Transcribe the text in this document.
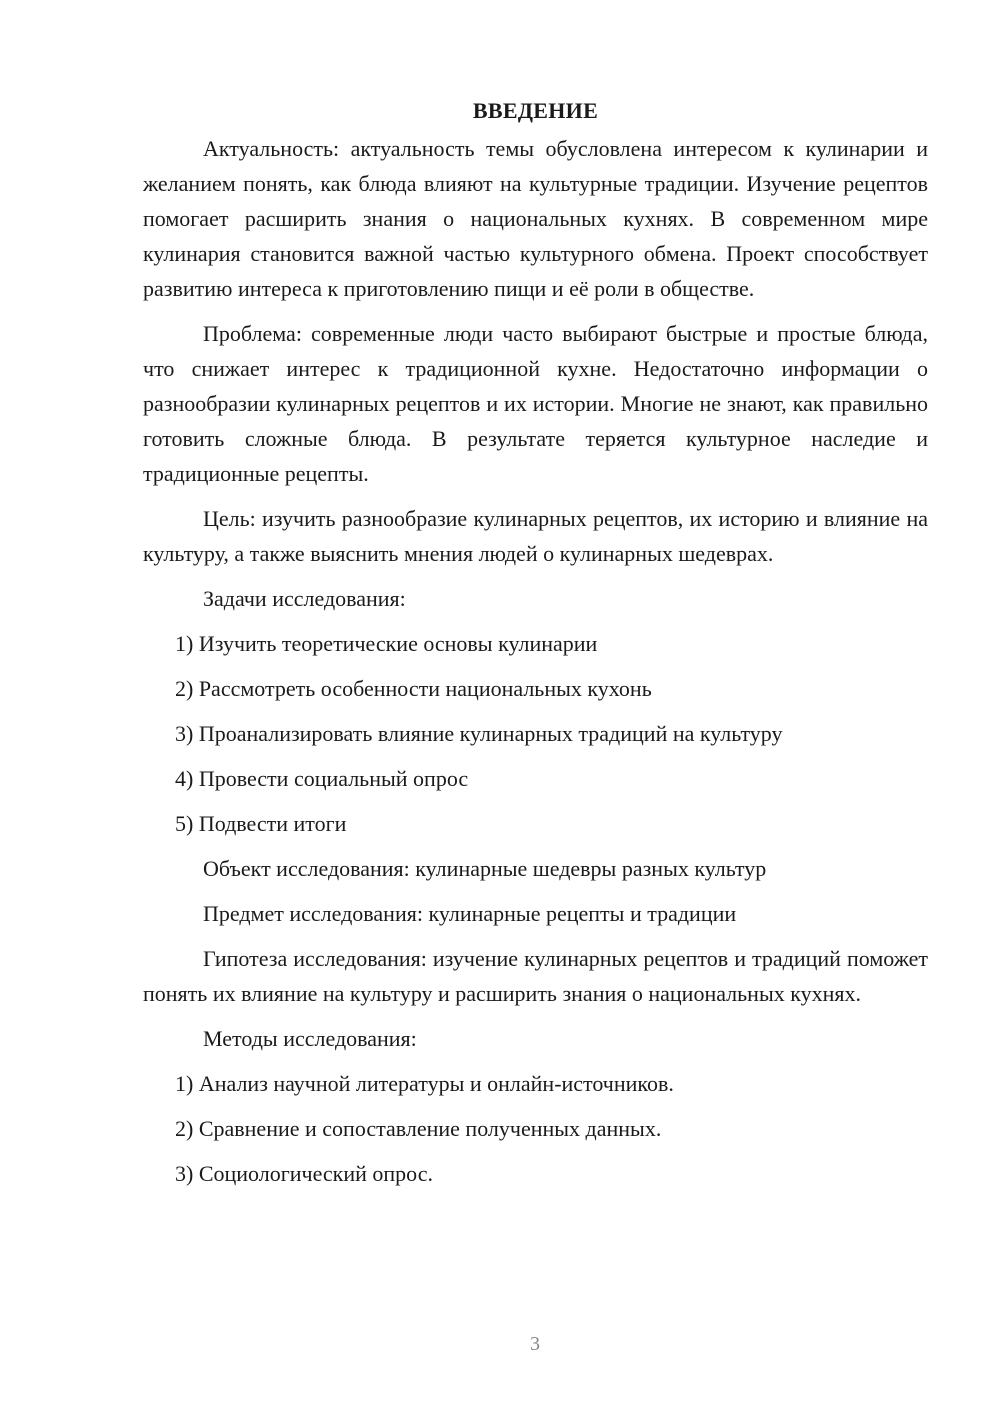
ВВЕДЕНИЕ

Актуальность: актуальность темы обусловлена интересом к кулинарии и желанием понять, как блюда влияют на культурные традиции. Изучение рецептов помогает расширить знания о национальных кухнях. В современном мире кулинария становится важной частью культурного обмена. Проект способствует развитию интереса к приготовлению пищи и её роли в обществе.

Проблема: современные люди часто выбирают быстрые и простые блюда, что снижает интерес к традиционной кухне. Недостаточно информации о разнообразии кулинарных рецептов и их истории. Многие не знают, как правильно готовить сложные блюда. В результате теряется культурное наследие и традиционные рецепты.

Цель: изучить разнообразие кулинарных рецептов, их историю и влияние на культуру, а также выяснить мнения людей о кулинарных шедеврах.

Задачи исследования:

1) Изучить теоретические основы кулинарии
2) Рассмотреть особенности национальных кухонь
3) Проанализировать влияние кулинарных традиций на культуру
4) Провести социальный опрос
5) Подвести итоги

Объект исследования: кулинарные шедевры разных культур

Предмет исследования: кулинарные рецепты и традиции

Гипотеза исследования: изучение кулинарных рецептов и традиций поможет понять их влияние на культуру и расширить знания о национальных кухнях.

Методы исследования:

1) Анализ научной литературы и онлайн-источников.
2) Сравнение и сопоставление полученных данных.
3) Социологический опрос.
3
